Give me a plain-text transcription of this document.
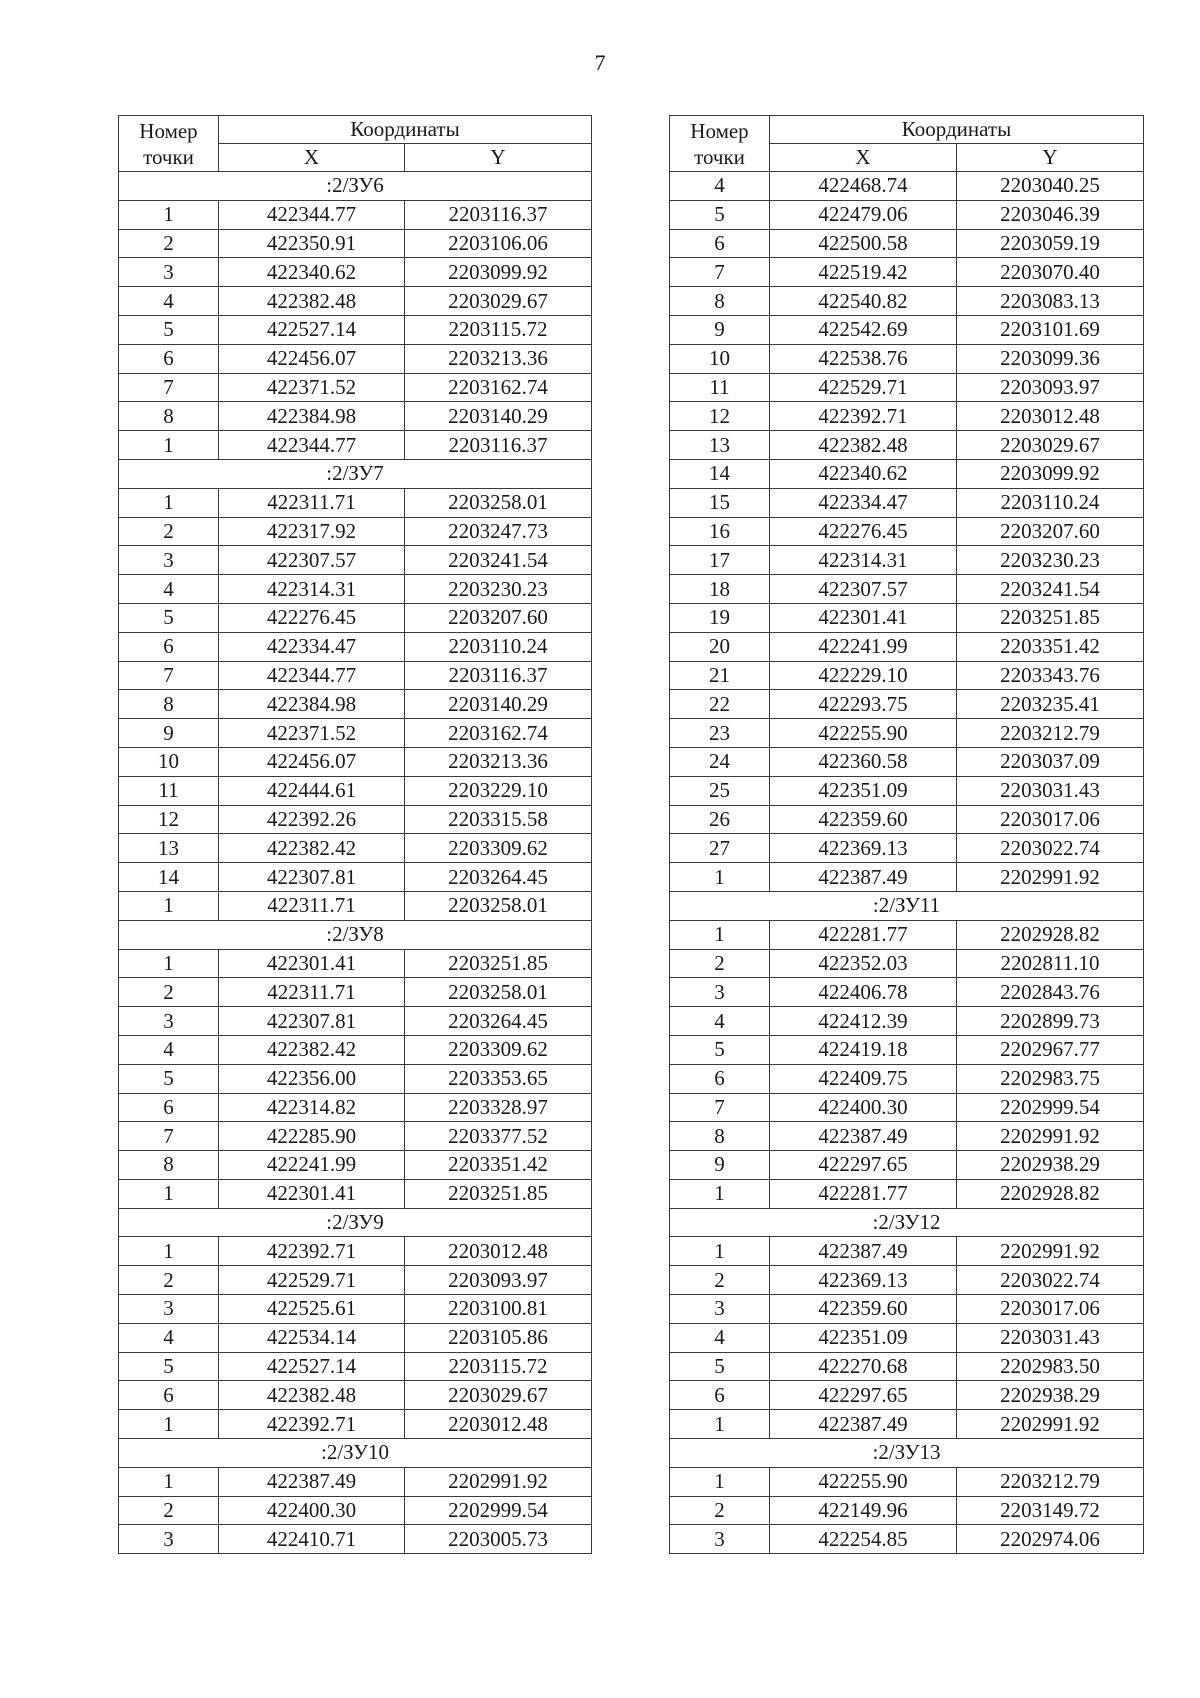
7
Номер
точки	Координаты	
	X	Y
:2/ЗУ6		
1	422344.77	2203116.37
2	422350.91	2203106.06
3	422340.62	2203099.92
4	422382.48	2203029.67
5	422527.14	2203115.72
6	422456.07	2203213.36
7	422371.52	2203162.74
8	422384.98	2203140.29
1	422344.77	2203116.37
:2/ЗУ7		
1	422311.71	2203258.01
2	422317.92	2203247.73
3	422307.57	2203241.54
4	422314.31	2203230.23
5	422276.45	2203207.60
6	422334.47	2203110.24
7	422344.77	2203116.37
8	422384.98	2203140.29
9	422371.52	2203162.74
10	422456.07	2203213.36
11	422444.61	2203229.10
12	422392.26	2203315.58
13	422382.42	2203309.62
14	422307.81	2203264.45
1	422311.71	2203258.01
:2/ЗУ8		
1	422301.41	2203251.85
2	422311.71	2203258.01
3	422307.81	2203264.45
4	422382.42	2203309.62
5	422356.00	2203353.65
6	422314.82	2203328.97
7	422285.90	2203377.52
8	422241.99	2203351.42
1	422301.41	2203251.85
:2/ЗУ9		
1	422392.71	2203012.48
2	422529.71	2203093.97
3	422525.61	2203100.81
4	422534.14	2203105.86
5	422527.14	2203115.72
6	422382.48	2203029.67
1	422392.71	2203012.48
:2/ЗУ10		
1	422387.49	2202991.92
2	422400.30	2202999.54
3	422410.71	2203005.73
Номер
точки	Координаты	
	X	Y
4	422468.74	2203040.25
5	422479.06	2203046.39
6	422500.58	2203059.19
7	422519.42	2203070.40
8	422540.82	2203083.13
9	422542.69	2203101.69
10	422538.76	2203099.36
11	422529.71	2203093.97
12	422392.71	2203012.48
13	422382.48	2203029.67
14	422340.62	2203099.92
15	422334.47	2203110.24
16	422276.45	2203207.60
17	422314.31	2203230.23
18	422307.57	2203241.54
19	422301.41	2203251.85
20	422241.99	2203351.42
21	422229.10	2203343.76
22	422293.75	2203235.41
23	422255.90	2203212.79
24	422360.58	2203037.09
25	422351.09	2203031.43
26	422359.60	2203017.06
27	422369.13	2203022.74
1	422387.49	2202991.92
:2/ЗУ11		
1	422281.77	2202928.82
2	422352.03	2202811.10
3	422406.78	2202843.76
4	422412.39	2202899.73
5	422419.18	2202967.77
6	422409.75	2202983.75
7	422400.30	2202999.54
8	422387.49	2202991.92
9	422297.65	2202938.29
1	422281.77	2202928.82
:2/ЗУ12		
1	422387.49	2202991.92
2	422369.13	2203022.74
3	422359.60	2203017.06
4	422351.09	2203031.43
5	422270.68	2202983.50
6	422297.65	2202938.29
1	422387.49	2202991.92
:2/ЗУ13		
1	422255.90	2203212.79
2	422149.96	2203149.72
3	422254.85	2202974.06
